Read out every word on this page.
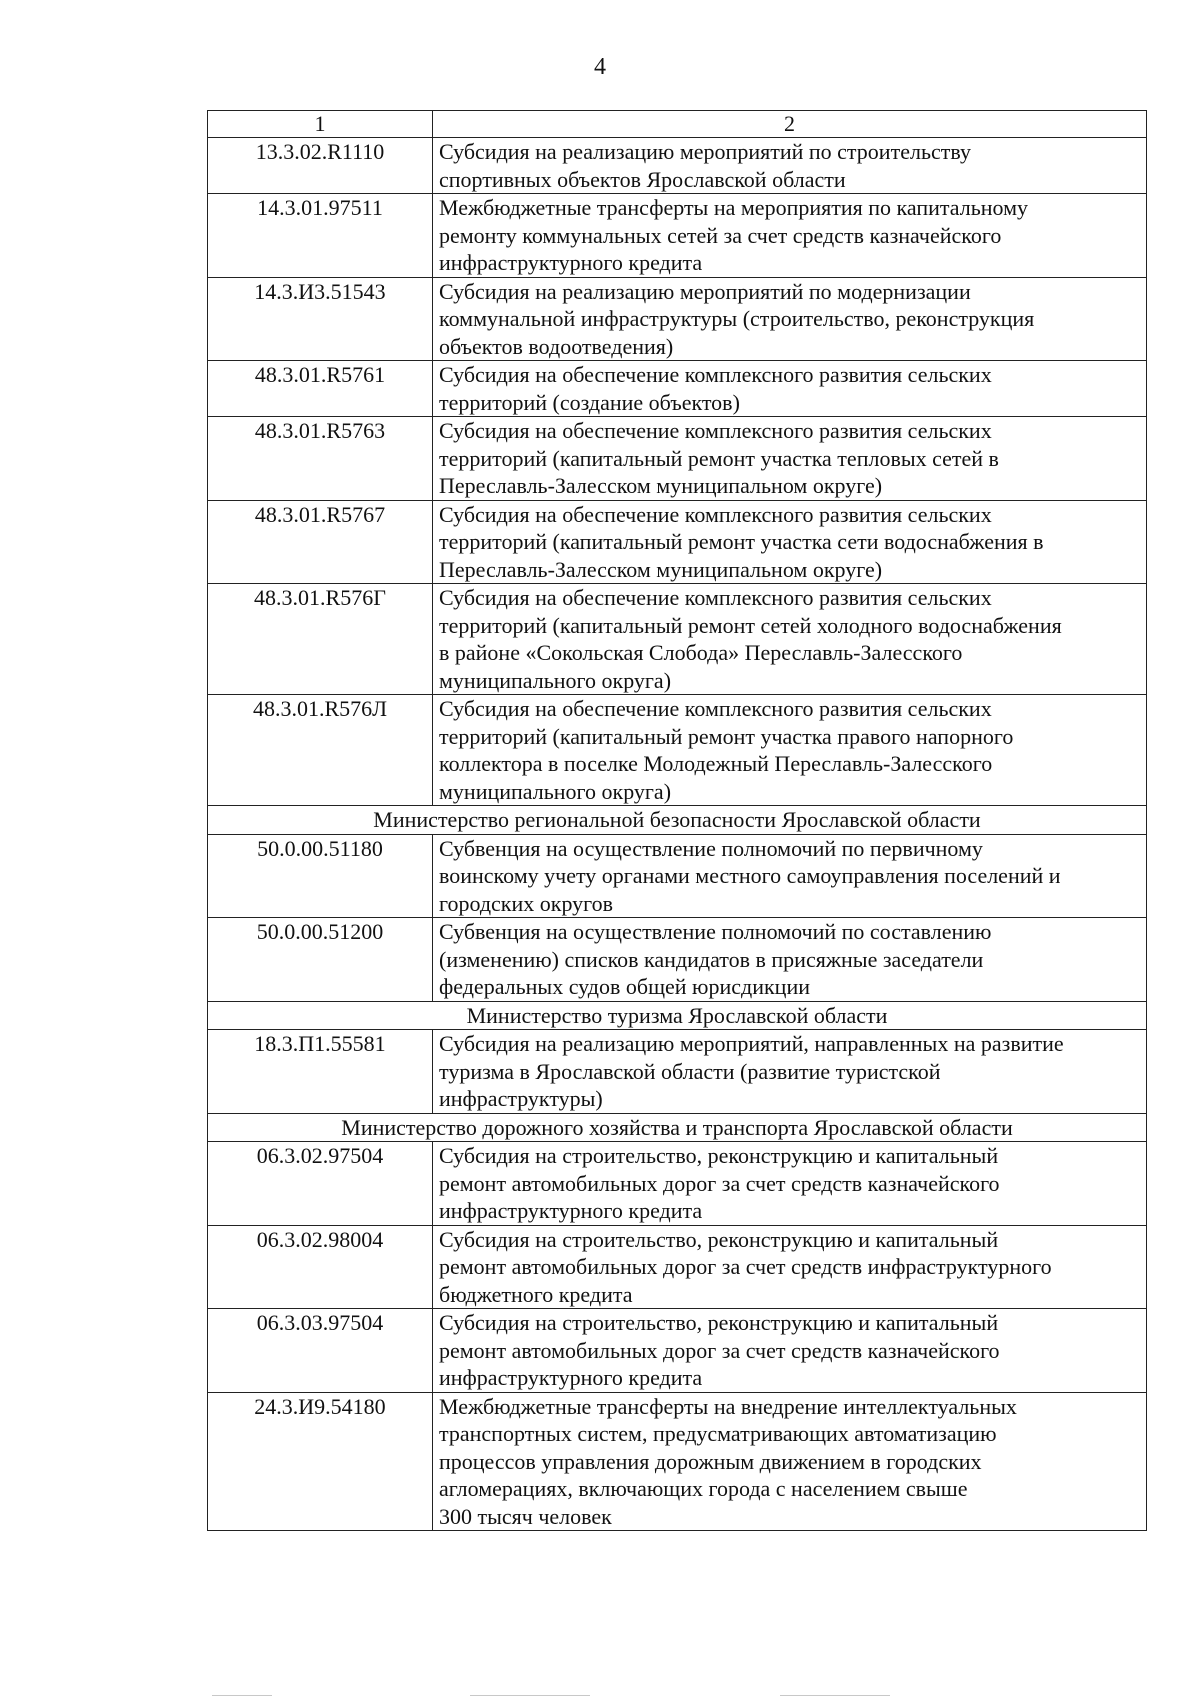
4
1	2
13.3.02.R1110	Субсидия на реализацию мероприятий по строительству
спортивных объектов Ярославской области

14.3.01.97511	Межбюджетные трансферты на мероприятия по капитальному
ремонту коммунальных сетей за счет средств казначейского
инфраструктурного кредита

14.3.И3.51543	Субсидия на реализацию мероприятий по модернизации
коммунальной инфраструктуры (строительство, реконструкция
объектов водоотведения)

48.3.01.R5761	Субсидия на обеспечение комплексного развития сельских
территорий (создание объектов)

48.3.01.R5763	Субсидия на обеспечение комплексного развития сельских
территорий (капитальный ремонт участка тепловых сетей в
Переславль-Залесском муниципальном округе)

48.3.01.R5767	Субсидия на обеспечение комплексного развития сельских
территорий (капитальный ремонт участка сети водоснабжения в
Переславль-Залесском муниципальном округе)

48.3.01.R576Г	Субсидия на обеспечение комплексного развития сельских
территорий (капитальный ремонт сетей холодного водоснабжения
в районе «Сокольская Слобода» Переславль-Залесского
муниципального округа)

48.3.01.R576Л	Субсидия на обеспечение комплексного развития сельских
территорий (капитальный ремонт участка правого напорного
коллектора в поселке Молодежный Переславль-Залесского
муниципального округа)

Министерство региональной безопасности Ярославской области	
50.0.00.51180	Субвенция на осуществление полномочий по первичному
воинскому учету органами местного самоуправления поселений и
городских округов

50.0.00.51200	Субвенция на осуществление полномочий по составлению
(изменению) списков кандидатов в присяжные заседатели
федеральных судов общей юрисдикции

Министерство туризма Ярославской области	
18.3.П1.55581	Субсидия на реализацию мероприятий, направленных на развитие
туризма в Ярославской области (развитие туристской
инфраструктуры)

Министерство дорожного хозяйства и транспорта Ярославской области	
06.3.02.97504	Субсидия на строительство, реконструкцию и капитальный
ремонт автомобильных дорог за счет средств казначейского
инфраструктурного кредита

06.3.02.98004	Субсидия на строительство, реконструкцию и капитальный
ремонт автомобильных дорог за счет средств инфраструктурного
бюджетного кредита

06.3.03.97504	Субсидия на строительство, реконструкцию и капитальный
ремонт автомобильных дорог за счет средств казначейского
инфраструктурного кредита

24.3.И9.54180	Межбюджетные трансферты на внедрение интеллектуальных
транспортных систем, предусматривающих автоматизацию
процессов управления дорожным движением в городских
агломерациях, включающих города с населением свыше
300 тысяч человек
